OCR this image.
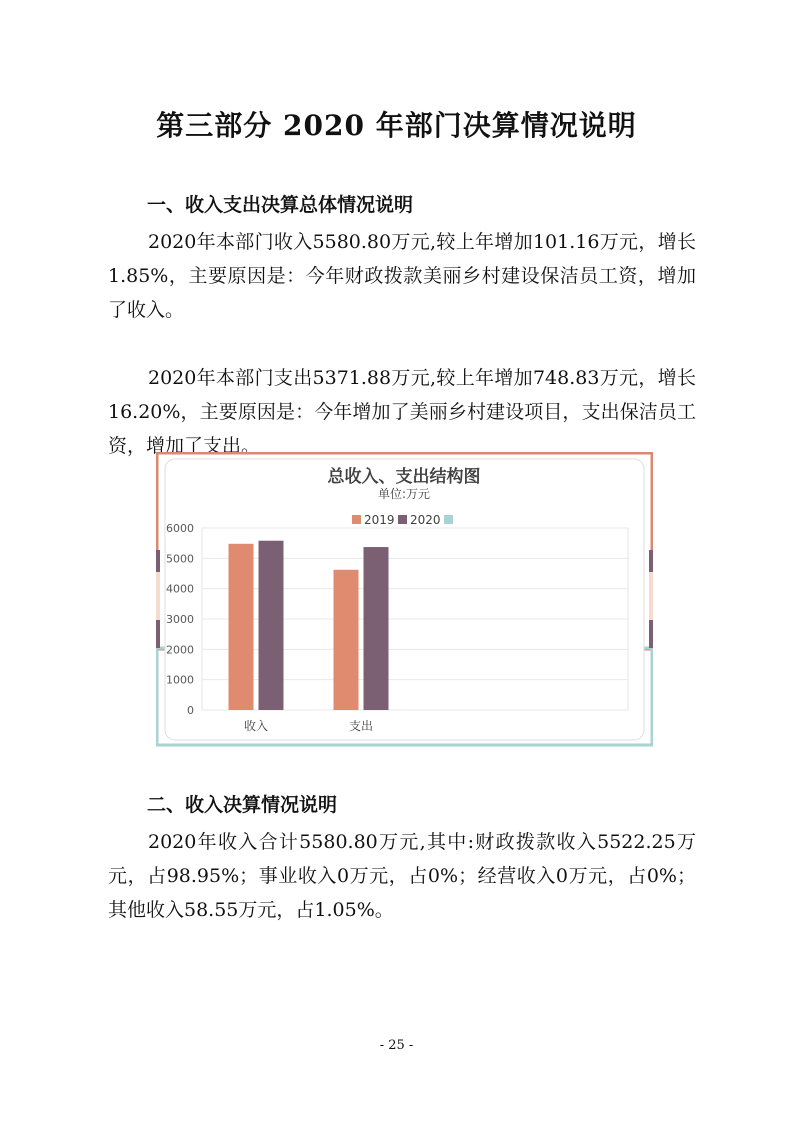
第三部分 2020 年部门决算情况说明
一、收入支出决算总体情况说明

2020年本部门收入5580.80万元,较上年增加101.16万元，增长1.85%，主要原因是：今年财政拨款美丽乡村建设保洁员工资，增加了收入。

2020年本部门支出5371.88万元,较上年增加748.83万元，增长16.20%，主要原因是：今年增加了美丽乡村建设项目，支出保洁员工资，增加了支出。

总收入、支出结构图
单位:万元
0
1000
2000
3000
4000
5000
6000
收入	支出
2019 2020
二、收入决算情况说明

2020年收入合计5580.80万元,其中:财政拨款收入5522.25万元，占98.95%；事业收入0万元，占0%；经营收入0万元，占0%；其他收入58.55万元，占1.05%。

- 25 -
